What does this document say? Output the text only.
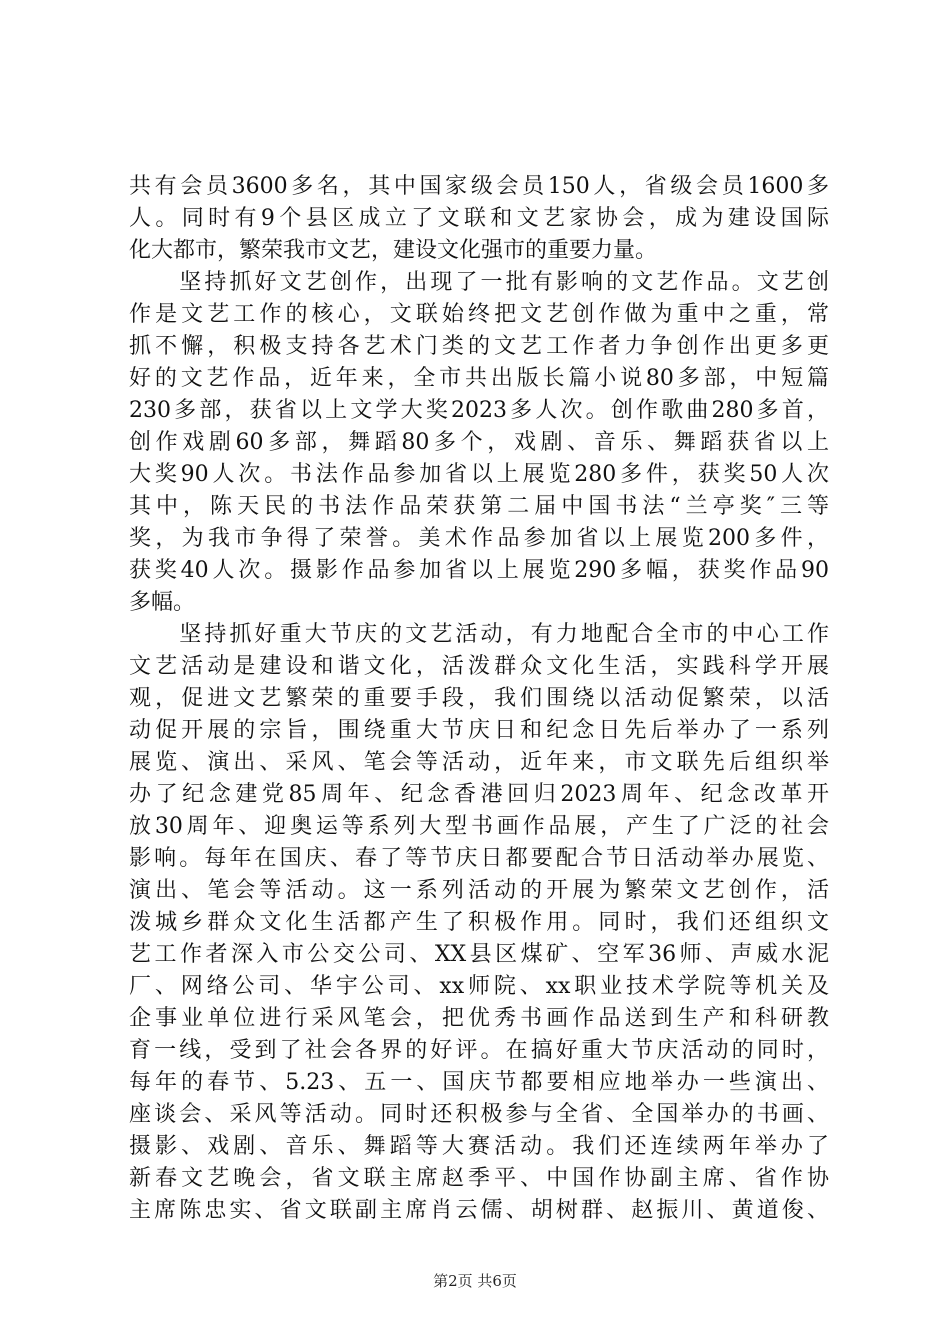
共有会员3600多名，其中国家级会员150人，省级会员1600多
人。同时有9个县区成立了文联和文艺家协会，成为建设国际
化大都市，繁荣我市文艺，建设文化强市的重要力量。
　　坚持抓好文艺创作，出现了一批有影响的文艺作品。文艺创
作是文艺工作的核心，文联始终把文艺创作做为重中之重，常
抓不懈，积极支持各艺术门类的文艺工作者力争创作出更多更
好的文艺作品，近年来，全市共出版长篇小说80多部，中短篇
230多部，获省以上文学大奖2023多人次。创作歌曲280多首，
创作戏剧60多部，舞蹈80多个，戏剧、音乐、舞蹈获省以上
大奖90人次。书法作品参加省以上展览280多件，获奖50人次
其中，陈天民的书法作品荣获第二届中国书法“兰亭奖″三等
奖，为我市争得了荣誉。美术作品参加省以上展览200多件，
获奖40人次。摄影作品参加省以上展览290多幅，获奖作品90
多幅。
　　坚持抓好重大节庆的文艺活动，有力地配合全市的中心工作
文艺活动是建设和谐文化，活泼群众文化生活，实践科学开展
观，促进文艺繁荣的重要手段，我们围绕以活动促繁荣，以活
动促开展的宗旨，围绕重大节庆日和纪念日先后举办了一系列
展览、演出、采风、笔会等活动，近年来，市文联先后组织举
办了纪念建党85周年、纪念香港回归2023周年、纪念改革开
放30周年、迎奥运等系列大型书画作品展，产生了广泛的社会
影响。每年在国庆、春了等节庆日都要配合节日活动举办展览、
演出、笔会等活动。这一系列活动的开展为繁荣文艺创作，活
泼城乡群众文化生活都产生了积极作用。同时，我们还组织文
艺工作者深入市公交公司、XX县区煤矿、空军36师、声威水泥
厂、网络公司、华宇公司、xx师院、xx职业技术学院等机关及
企事业单位进行采风笔会，把优秀书画作品送到生产和科研教
育一线，受到了社会各界的好评。在搞好重大节庆活动的同时，
每年的春节、5.23、五一、国庆节都要相应地举办一些演出、
座谈会、采风等活动。同时还积极参与全省、全国举办的书画、
摄影、戏剧、音乐、舞蹈等大赛活动。我们还连续两年举办了
新春文艺晚会，省文联主席赵季平、中国作协副主席、省作协
主席陈忠实、省文联副主席肖云儒、胡树群、赵振川、黄道俊、
第2页 共6页
